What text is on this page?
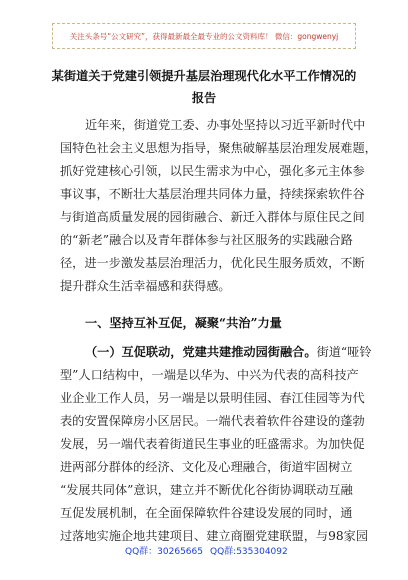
关注头条号“公文研究”，获得最新最全最专业的公文资料库！ 微信：gongwenyj
某街道关于党建引领提升基层治理现代化水平工作情况的
报告
近年来，街道党工委、办事处坚持以习近平新时代中
国特色社会主义思想为指导，聚焦破解基层治理发展难题，
抓好党建核心引领，以民生需求为中心，强化多元主体参
事议事，不断壮大基层治理共同体力量，持续探索软件谷
与街道高质量发展的园街融合、新迁入群体与原住民之间
的“新老”融合以及青年群体参与社区服务的实践融合路
径，进一步激发基层治理活力，优化民生服务质效，不断
提升群众生活幸福感和获得感。
一、坚持互补互促，凝聚“共治”力量
（一）互促联动，党建共建推动园街融合。街道“哑铃
型”人口结构中，一端是以华为、中兴为代表的高科技产
业企业工作人员，另一端是以景明佳园、春江佳园等为代
表的安置保障房小区居民。一端代表着软件谷建设的蓬勃
发展，另一端代表着街道民生事业的旺盛需求。为加快促
进两部分群体的经济、文化及心理融合，街道牢固树立
“发展共同体”意识，建立并不断优化谷街协调联动互融
互促发展机制，在全面保障软件谷建设发展的同时，通
过落地实施企地共建项目、建立商圈党建联盟，与98家园
QQ群：30265665 QQ群:535304092
